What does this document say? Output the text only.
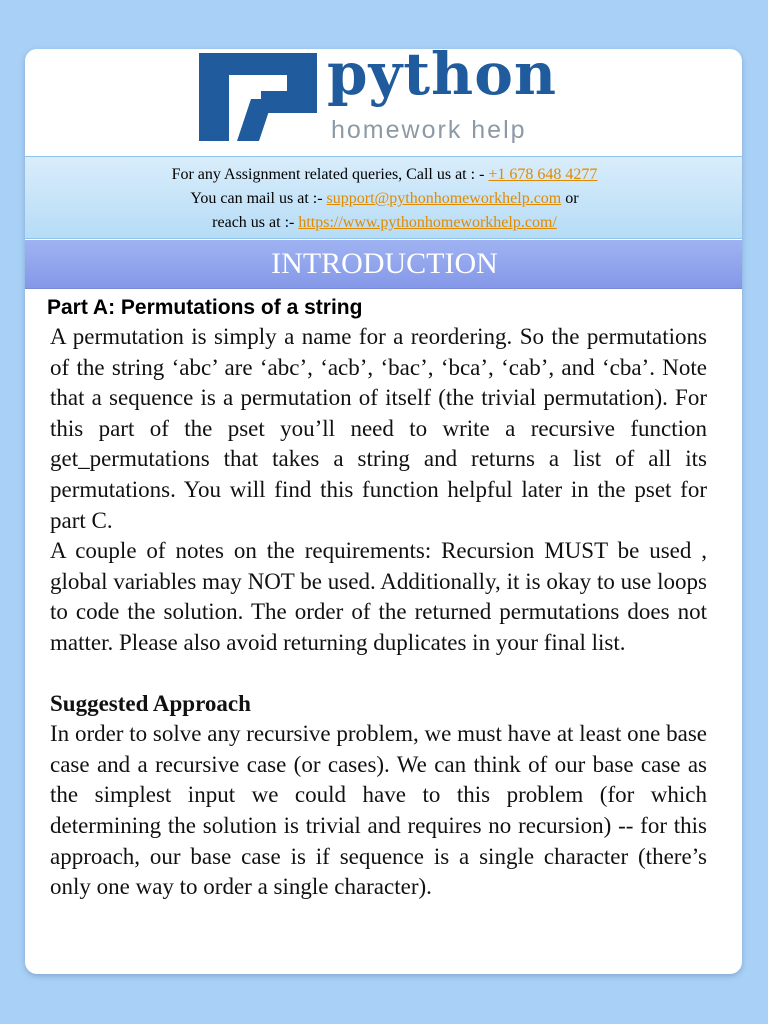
python
homework help
For any Assignment related queries, Call us at : - +1 678 648 4277
You can mail us at :- support@pythonhomeworkhelp.com or
reach us at :- https://www.pythonhomeworkhelp.com/
INTRODUCTION

Part A: Permutations of a string

A permutation is simply a name for a reordering. So the permutations of the string ‘abc’ are ‘abc’, ‘acb’, ‘bac’, ‘bca’, ‘cab’, and ‘cba’. Note that a sequence is a permutation of itself (the trivial permutation). For this part of the pset you’ll need to write a recursive function get_permutations that takes a string and returns a list of all its permutations. You will find this function helpful later in the pset for part C.

A couple of notes on the requirements: Recursion MUST be used , global variables may NOT be used. Additionally, it is okay to use loops to code the solution. The order of the returned permutations does not matter. Please also avoid returning duplicates in your final list.

Suggested Approach

In order to solve any recursive problem, we must have at least one base case and a recursive case (or cases). We can think of our base case as the simplest input we could have to this problem (for which determining the solution is trivial and requires no recursion) -- for this approach, our base case is if sequence is a single character (there’s only one way to order a single character).
